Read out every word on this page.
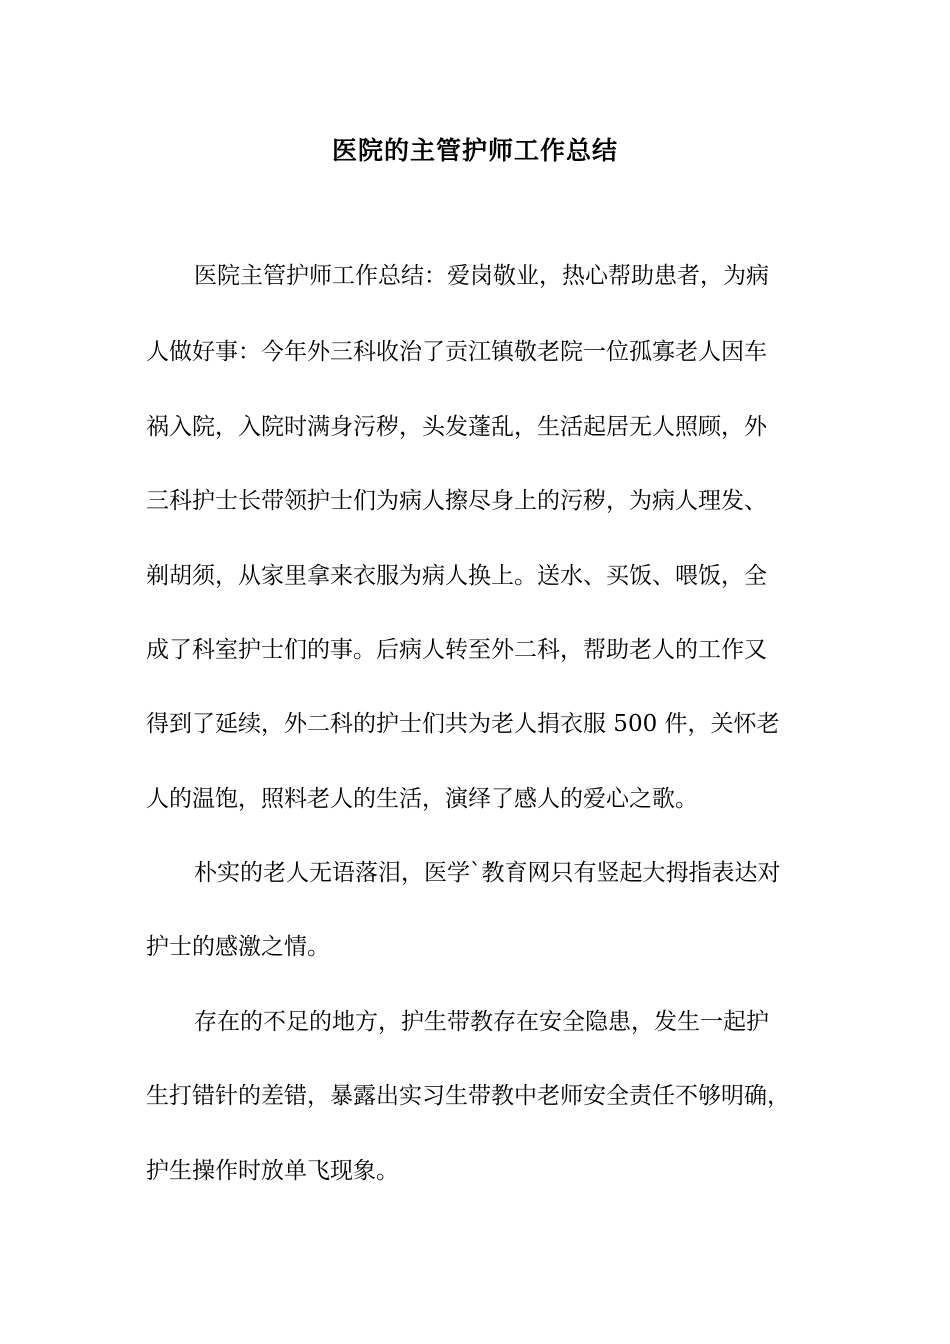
医院的主管护师工作总结
医院主管护师工作总结：爱岗敬业，热心帮助患者，为病
人做好事：今年外三科收治了贡江镇敬老院一位孤寡老人因车
祸入院，入院时满身污秽，头发蓬乱，生活起居无人照顾，外
三科护士长带领护士们为病人擦尽身上的污秽，为病人理发、
剃胡须，从家里拿来衣服为病人换上。送水、买饭、喂饭，全
成了科室护士们的事。后病人转至外二科，帮助老人的工作又
得到了延续，外二科的护士们共为老人捐衣服 500 件，关怀老
人的温饱，照料老人的生活，演绎了感人的爱心之歌。
朴实的老人无语落泪，医学`教育网只有竖起大拇指表达对
护士的感激之情。
存在的不足的地方，护生带教存在安全隐患，发生一起护
生打错针的差错，暴露出实习生带教中老师安全责任不够明确，
护生操作时放单飞现象。
